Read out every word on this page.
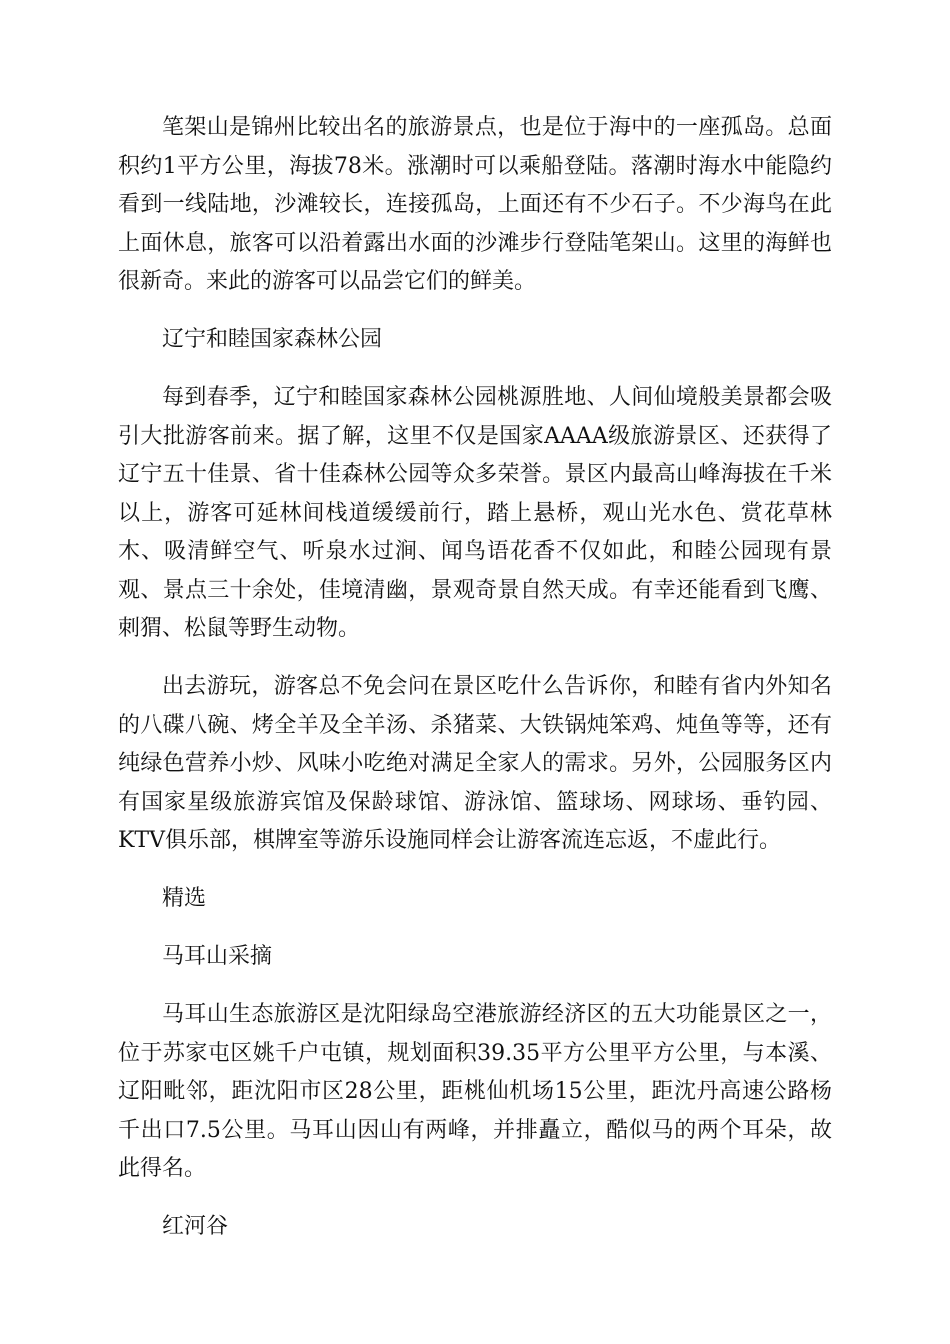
笔架山是锦州比较出名的旅游景点，也是位于海中的一座孤岛。总面积约1平方公里，海拔78米。涨潮时可以乘船登陆。落潮时海水中能隐约看到一线陆地，沙滩较长，连接孤岛，上面还有不少石子。不少海鸟在此上面休息，旅客可以沿着露出水面的沙滩步行登陆笔架山。这里的海鲜也很新奇。来此的游客可以品尝它们的鲜美。

辽宁和睦国家森林公园

每到春季，辽宁和睦国家森林公园桃源胜地、人间仙境般美景都会吸引大批游客前来。据了解，这里不仅是国家AAAA级旅游景区、还获得了辽宁五十佳景、省十佳森林公园等众多荣誉。景区内最高山峰海拔在千米以上，游客可延林间栈道缓缓前行，踏上悬桥，观山光水色、赏花草林木、吸清鲜空气、听泉水过涧、闻鸟语花香不仅如此，和睦公园现有景观、景点三十余处，佳境清幽，景观奇景自然天成。有幸还能看到飞鹰、刺猬、松鼠等野生动物。

出去游玩，游客总不免会问在景区吃什么告诉你，和睦有省内外知名的八碟八碗、烤全羊及全羊汤、杀猪菜、大铁锅炖笨鸡、炖鱼等等，还有纯绿色营养小炒、风味小吃绝对满足全家人的需求。另外，公园服务区内有国家星级旅游宾馆及保龄球馆、游泳馆、篮球场、网球场、垂钓园、KTV俱乐部，棋牌室等游乐设施同样会让游客流连忘返，不虚此行。

精选

马耳山采摘

马耳山生态旅游区是沈阳绿岛空港旅游经济区的五大功能景区之一，位于苏家屯区姚千户屯镇，规划面积39.35平方公里平方公里，与本溪、辽阳毗邻，距沈阳市区28公里，距桃仙机场15公里，距沈丹高速公路杨千出口7.5公里。马耳山因山有两峰，并排矗立，酷似马的两个耳朵，故此得名。

红河谷
